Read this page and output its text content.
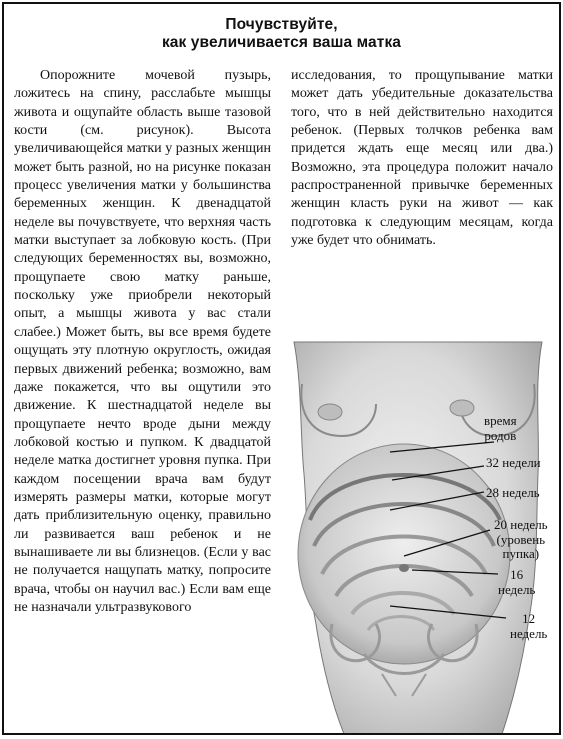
Почувствуйте,
как увеличивается ваша матка
Опорожните мочевой пузырь, ложитесь на спину, расслабьте мышцы живота и ощупайте область выше тазовой кости (см. рисунок). Высота увеличивающейся матки у разных женщин может быть разной, но на рисунке показан процесс увеличения матки у большинства беременных женщин. К двенадцатой неделе вы почувствуете, что верхняя часть матки выступает за лобковую кость. (При следующих беременностях вы, возможно, прощупаете свою матку раньше, поскольку уже приобрели некоторый опыт, а мышцы живота у вас стали слабее.) Может быть, вы все время будете ощущать эту плотную округлость, ожидая первых движений ребенка; возможно, вам даже покажется, что вы ощутили это движение. К шестнадцатой неделе вы прощупаете нечто вроде дыни между лобковой костью и пупком. К двадцатой неделе матка достигнет уровня пупка. При каждом посещении врача вам будут измерять размеры матки, которые могут дать приблизительную оценку, правильно ли развивается ваш ребенок и не вынашиваете ли вы близнецов. (Если у вас не получается нащупать матку, попросите врача, чтобы он научил вас.) Если вам еще не назначали ультразвукового
исследования, то прощупывание матки может дать убедительные доказательства того, что в ней действительно находится ребенок. (Первых толчков ребенка вам придется ждать еще месяц или два.) Возможно, эта процедура положит начало распространенной привычке беременных женщин класть руки на живот — как подготовка к следующим месяцам, когда уже будет что обнимать.
время
родов
32 недели
28 недель
20 недель
(уровень
пупка)
16
недель
12
недель
